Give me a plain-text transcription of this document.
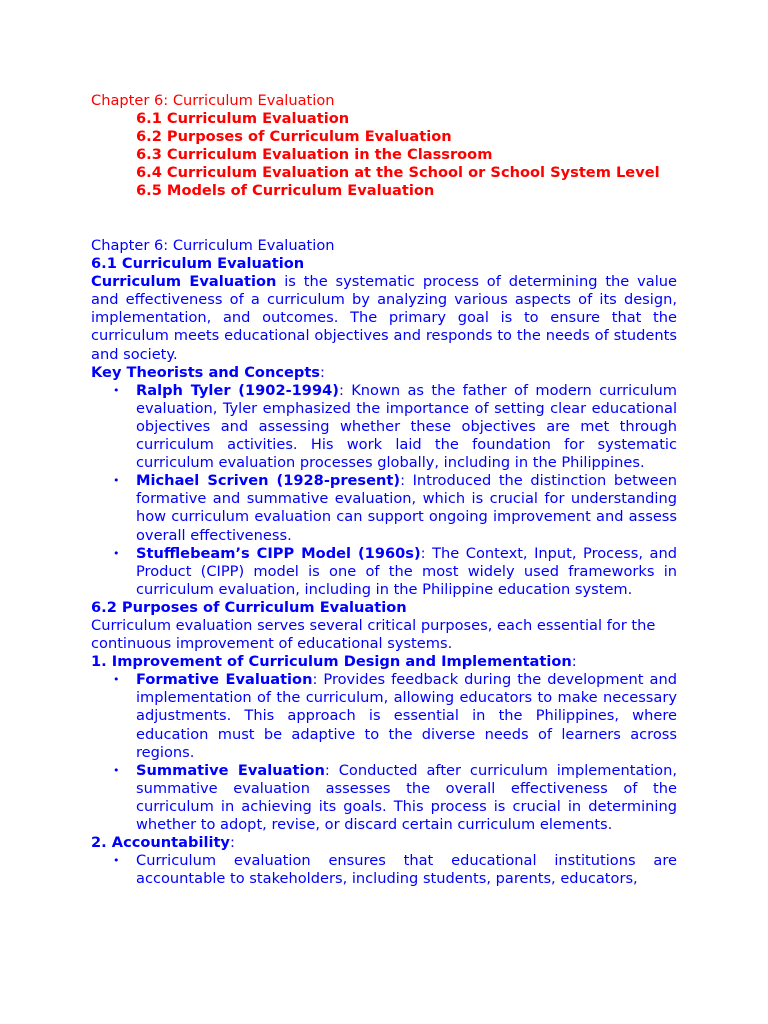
Chapter 6: Curriculum Evaluation
6.1 Curriculum Evaluation
6.2 Purposes of Curriculum Evaluation
6.3 Curriculum Evaluation in the Classroom
6.4 Curriculum Evaluation at the School or School System Level
6.5 Models of Curriculum Evaluation
Chapter 6: Curriculum Evaluation
6.1 Curriculum Evaluation
Curriculum Evaluation is the systematic process of determining the value and effectiveness of a curriculum by analyzing various aspects of its design, implementation, and outcomes. The primary goal is to ensure that the curriculum meets educational objectives and responds to the needs of students and society.
Key Theorists and Concepts:
• Ralph Tyler (1902-1994): Known as the father of modern curriculum evaluation, Tyler emphasized the importance of setting clear educational objectives and assessing whether these objectives are met through curriculum activities. His work laid the foundation for systematic curriculum evaluation processes globally, including in the Philippines.
• Michael Scriven (1928-present): Introduced the distinction between formative and summative evaluation, which is crucial for understanding how curriculum evaluation can support ongoing improvement and assess overall effectiveness.
• Stufflebeam’s CIPP Model (1960s): The Context, Input, Process, and Product (CIPP) model is one of the most widely used frameworks in curriculum evaluation, including in the Philippine education system.
6.2 Purposes of Curriculum Evaluation
Curriculum evaluation serves several critical purposes, each essential for the continuous improvement of educational systems.
1. Improvement of Curriculum Design and Implementation:
• Formative Evaluation: Provides feedback during the development and implementation of the curriculum, allowing educators to make necessary adjustments. This approach is essential in the Philippines, where education must be adaptive to the diverse needs of learners across regions.
• Summative Evaluation: Conducted after curriculum implementation, summative evaluation assesses the overall effectiveness of the curriculum in achieving its goals. This process is crucial in determining whether to adopt, revise, or discard certain curriculum elements.
2. Accountability:
• Curriculum evaluation ensures that educational institutions are accountable to stakeholders, including students, parents, educators,
